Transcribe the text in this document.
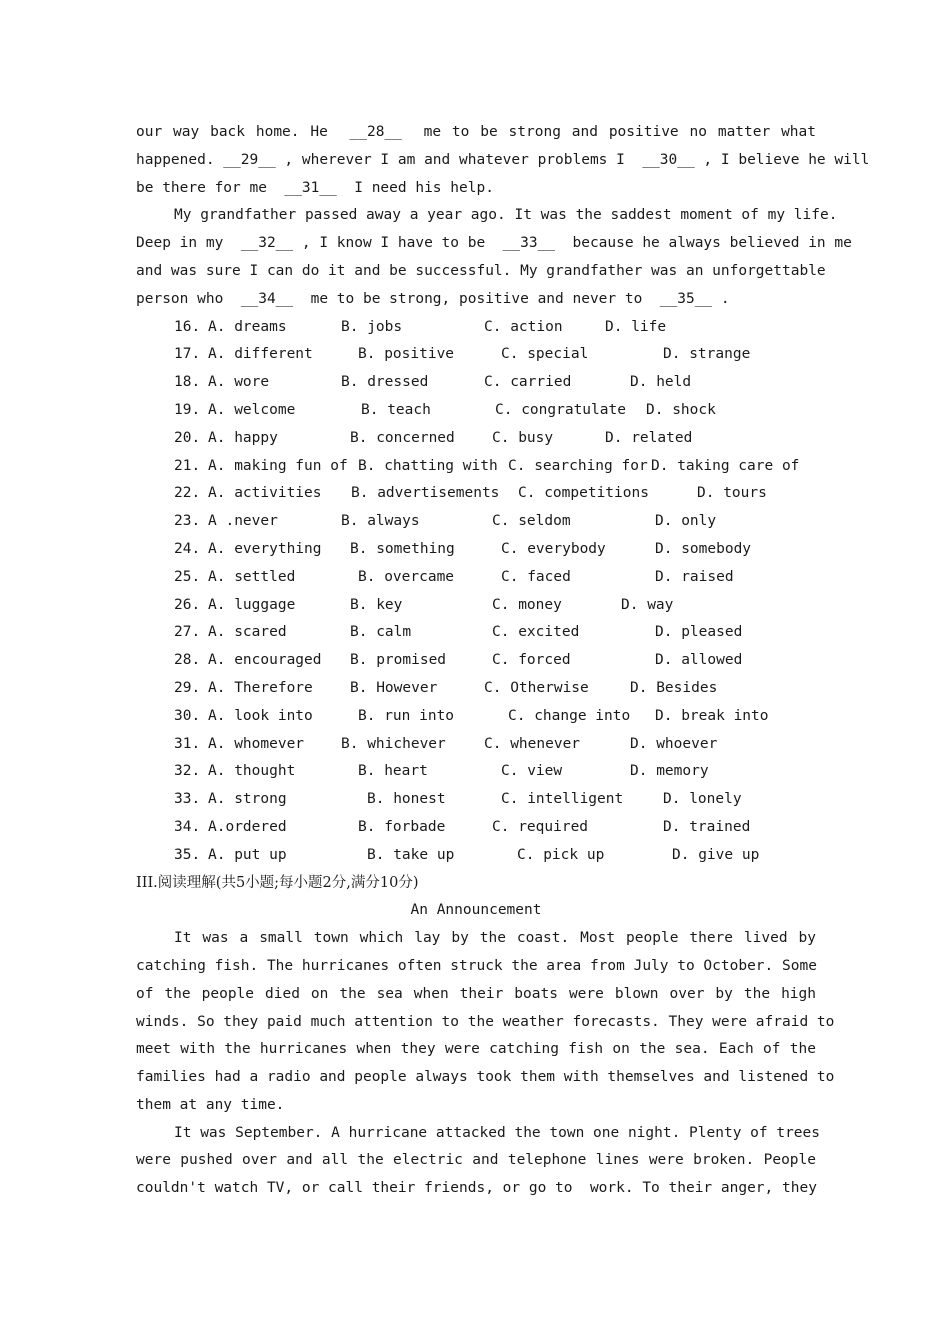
our way back home. He  __28__  me to be strong and positive no matter what
happened. __29__ , wherever I am and whatever problems I  __30__ , I believe he will
be there for me  __31__  I need his help.
My grandfather passed away a year ago. It was the saddest moment of my life.
Deep in my  __32__ , I know I have to be  __33__  because he always believed in me
and was sure I can do it and be successful. My grandfather was an unforgettable
person who  __34__  me to be strong, positive and never to  __35__ .
16. A. dreams	B. jobs	C. action	D. life
17. A. different	B. positive	C. special	D. strange
18. A. wore	B. dressed	C. carried	D. held
19. A. welcome	B. teach	C. congratulate D. shock
20. A. happy	B. concerned	C. busy	D. related
21. A. making fun of B. chatting with C. searching for D. taking care of
22. A. activities B. advertisements C. competitions	D. tours
23. A .never	B. always	C. seldom	D. only
24. A. everything B. something	C. everybody	D. somebody
25. A. settled	B. overcame	C. faced	D. raised
26. A. luggage	B. key	C. money	D. way
27. A. scared	B. calm	C. excited	D. pleased
28. A. encouraged B. promised	C. forced	D. allowed
29. A. Therefore	B. However	C. Otherwise	D. Besides
30. A. look into	B. run into	C. change into D. break into
31. A. whomever	B. whichever	C. whenever	D. whoever
32. A. thought	B. heart	C. view	D. memory
33. A. strong	B. honest	C. intelligent	D. lonely
34. A.ordered	B. forbade	C. required	D. trained
35. A. put up	B. take up	C. pick up	D. give up
III.阅读理解(共5小题;每小题2分,满分10分)
An Announcement
It was a small town which lay by the coast. Most people there lived by
catching fish. The hurricanes often struck the area from July to October. Some
of the people died on the sea when their boats were blown over by the high
winds. So they paid much attention to the weather forecasts. They were afraid to
meet with the hurricanes when they were catching fish on the sea. Each of the
families had a radio and people always took them with themselves and listened to
them at any time.
It was September. A hurricane attacked the town one night. Plenty of trees
were pushed over and all the electric and telephone lines were broken. People
couldn't watch TV, or call their friends, or go to  work. To their anger, they
